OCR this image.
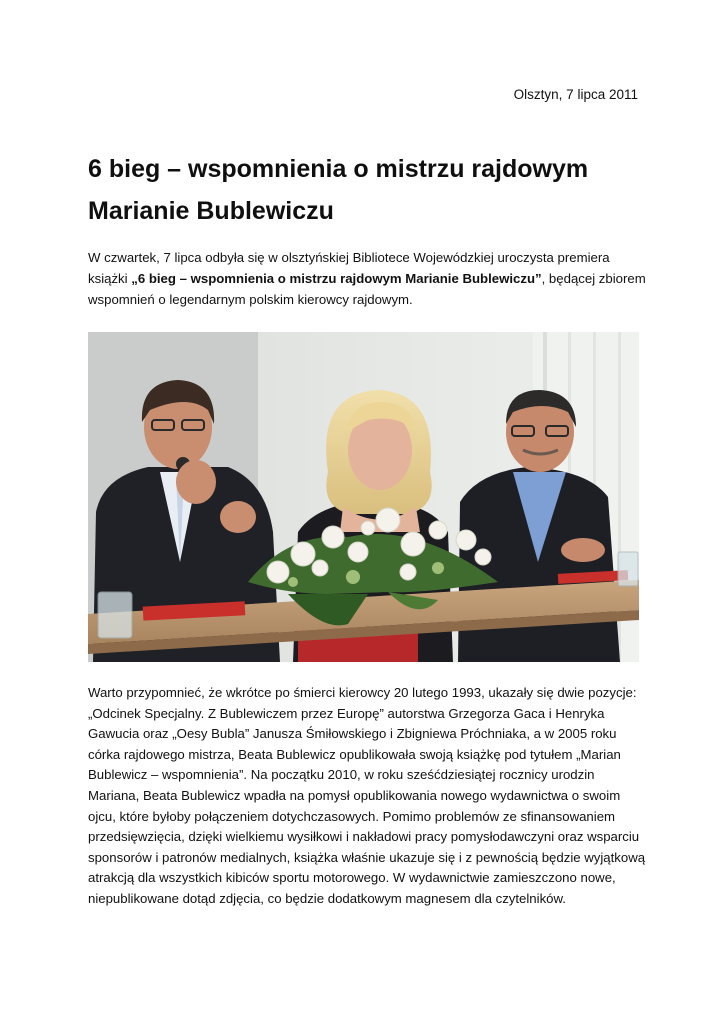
Olsztyn, 7 lipca 2011
6 bieg – wspomnienia o mistrzu rajdowym Marianie Bublewiczu

W czwartek, 7 lipca odbyła się w olsztyńskiej Bibliotece Wojewódzkiej uroczysta premiera książki „6 bieg – wspomnienia o mistrzu rajdowym Marianie Bublewiczu”, będącej zbiorem wspomnień o legendarnym polskim kierowcy rajdowym.

Warto przypomnieć, że wkrótce po śmierci kierowcy 20 lutego 1993, ukazały się dwie pozycje: „Odcinek Specjalny. Z Bublewiczem przez Europę” autorstwa Grzegorza Gaca i Henryka Gawucia oraz „Oesy Bubla” Janusza Śmiłowskiego i Zbigniewa Próchniaka, a w 2005 roku córka rajdowego mistrza, Beata Bublewicz opublikowała swoją książkę pod tytułem „Marian Bublewicz – wspomnienia”. Na początku 2010, w roku sześćdziesiątej rocznicy urodzin Mariana, Beata Bublewicz wpadła na pomysł opublikowania nowego wydawnictwa o swoim ojcu, które byłoby połączeniem dotychczasowych. Pomimo problemów ze sfinansowaniem przedsięwzięcia, dzięki wielkiemu wysiłkowi i nakładowi pracy pomysłodawczyni oraz wsparciu sponsorów i patronów medialnych, książka właśnie ukazuje się i z pewnością będzie wyjątkową atrakcją dla wszystkich kibiców sportu motorowego. W wydawnictwie zamieszczono nowe, niepublikowane dotąd zdjęcia, co będzie dodatkowym magnesem dla czytelników.
